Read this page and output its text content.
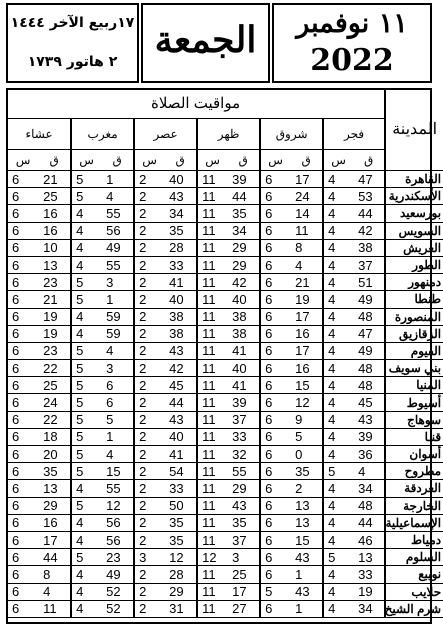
١٧ربيع الآخر ١٤٤٤
٢ هاتور ١٧٣٩
الجمعة	١١ نوفمبر
2022
المدينة	مواقيت الصلاة											
	فجر		شروق		ظهر		عصر		مغرب		عشاء	
	ق	س	ق	س	ق	س	ق	س	ق	س	ق	س
القاهرة	47	4	17	6	39	11	40	2	1	5	21	6
الأسكندرية	53	4	24	6	44	11	43	2	4	5	25	6
بورسعيد	44	4	14	6	35	11	34	2	55	4	16	6
السويس	42	4	11	6	34	11	35	2	56	4	16	6
العريش	38	4	8	6	29	11	28	2	49	4	10	6
الطور	37	4	4	6	29	11	33	2	55	4	13	6
دمنهور	51	4	21	6	42	11	41	2	3	5	23	6
طنطا	49	4	19	6	40	11	40	2	1	5	21	6
المنصورة	48	4	17	6	38	11	38	2	59	4	19	6
الزقازيق	47	4	16	6	38	11	38	2	59	4	19	6
الفيوم	49	4	17	6	41	11	43	2	4	5	23	6
بني سويف	48	4	16	6	40	11	42	2	3	5	22	6
المنيا	48	4	15	6	41	11	45	2	6	5	25	6
أسيوط	45	4	12	6	39	11	44	2	6	5	24	6
سوهاج	43	4	9	6	37	11	43	2	5	5	22	6
قنـا	39	4	5	6	33	11	40	2	1	5	18	6
أسوان	36	4	0	6	32	11	41	2	4	5	20	6
مطروح	4	5	35	6	55	11	54	2	15	5	35	6
الغردقة	34	4	2	6	29	11	33	2	55	4	13	6
الخارجة	48	4	13	6	43	11	50	2	12	5	29	6
الإسماعيلية	44	4	13	6	35	11	35	2	56	4	16	6
دمياط	46	4	15	6	37	11	35	2	56	4	17	6
السلوم	13	5	43	6	3	12	12	3	23	5	44	6
نويبع	33	4	1	6	25	11	28	2	49	4	8	6
حلايب	19	4	43	5	17	11	29	2	52	4	4	6
شرم الشيخ	34	4	1	6	27	11	31	2	52	4	11	6
